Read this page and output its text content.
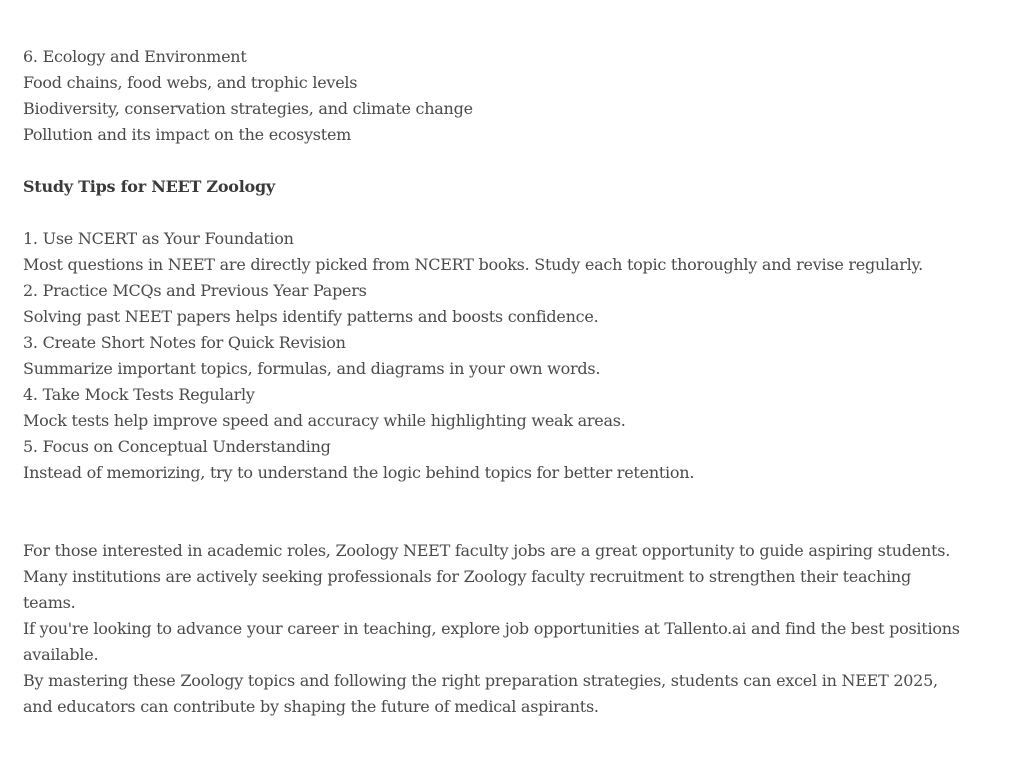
6. Ecology and Environment
Food chains, food webs, and trophic levels
Biodiversity, conservation strategies, and climate change
Pollution and its impact on the ecosystem
Study Tips for NEET Zoology
1. Use NCERT as Your Foundation
Most questions in NEET are directly picked from NCERT books. Study each topic thoroughly and revise regularly.
2. Practice MCQs and Previous Year Papers
Solving past NEET papers helps identify patterns and boosts confidence.
3. Create Short Notes for Quick Revision
Summarize important topics, formulas, and diagrams in your own words.
4. Take Mock Tests Regularly
Mock tests help improve speed and accuracy while highlighting weak areas.
5. Focus on Conceptual Understanding
Instead of memorizing, try to understand the logic behind topics for better retention.
For those interested in academic roles, Zoology NEET faculty jobs are a great opportunity to guide aspiring students.
Many institutions are actively seeking professionals for Zoology faculty recruitment to strengthen their teaching teams.
If you're looking to advance your career in teaching, explore job opportunities at Tallento.ai and find the best positions available.
By mastering these Zoology topics and following the right preparation strategies, students can excel in NEET 2025, and educators can contribute by shaping the future of medical aspirants.
